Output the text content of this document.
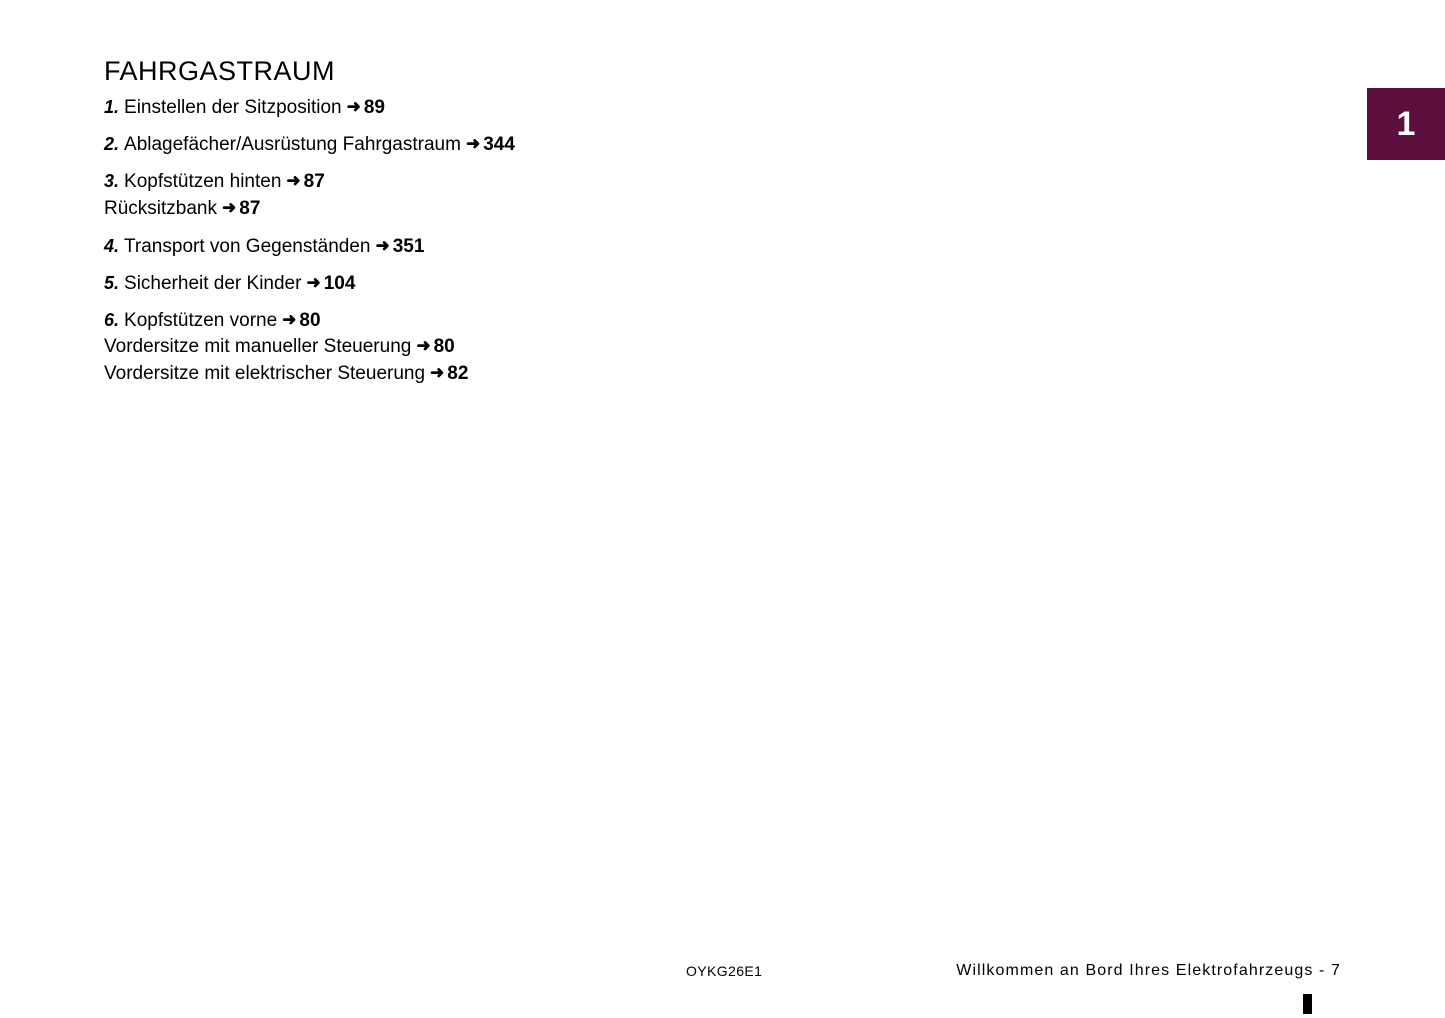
1
FAHRGASTRAUM
1. Einstellen der Sitzposition ➜ 89
2. Ablagefächer/Ausrüstung Fahrgastraum ➜ 344
3. Kopfstützen hinten ➜ 87
Rücksitzbank ➜ 87
4. Transport von Gegenständen ➜ 351
5. Sicherheit der Kinder ➜ 104
6. Kopfstützen vorne ➜ 80
Vordersitze mit manueller Steuerung ➜ 80
Vordersitze mit elektrischer Steuerung ➜ 82
OYKG26E1	Willkommen an Bord Ihres Elektrofahrzeugs - 7
